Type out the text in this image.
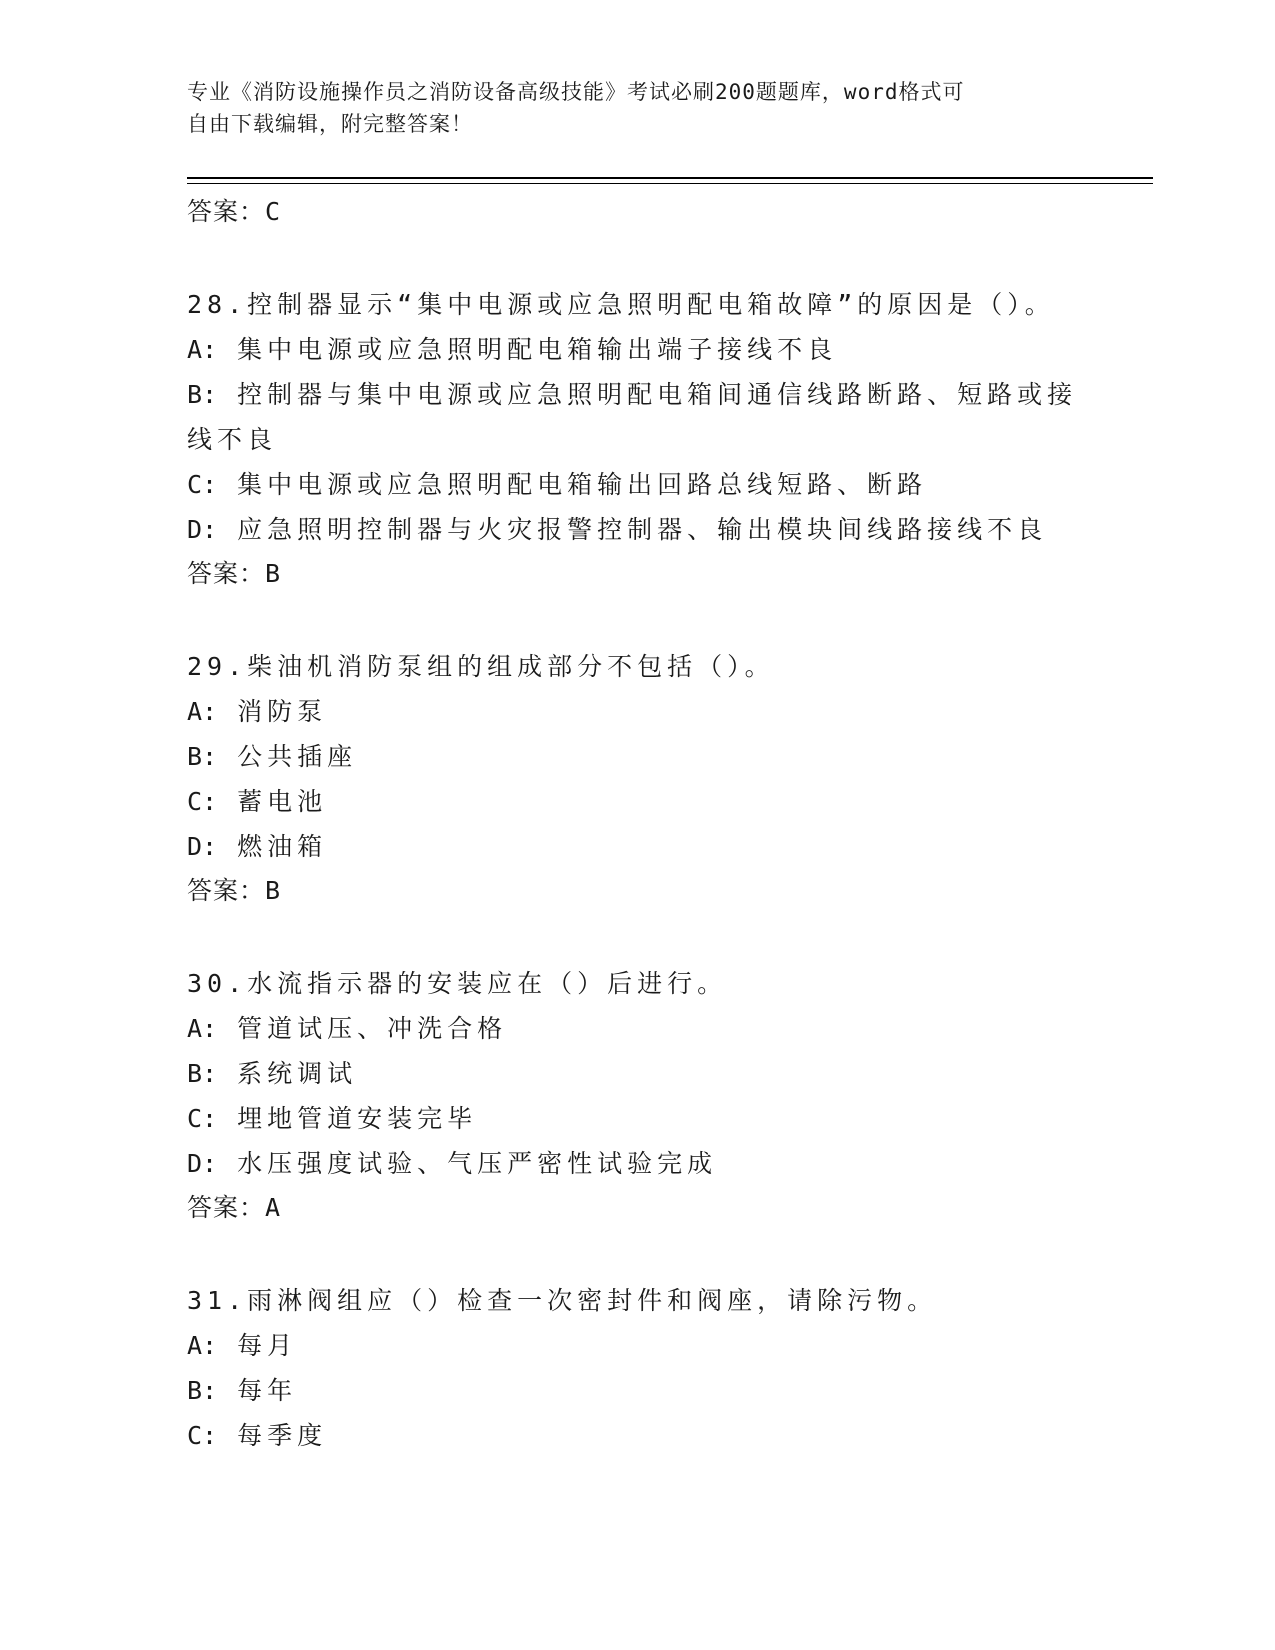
专业《消防设施操作员之消防设备高级技能》考试必刷200题题库，word格式可
自由下载编辑，附完整答案！
答案：C
28.控制器显示“集中电源或应急照明配电箱故障”的原因是（）。
A: 集中电源或应急照明配电箱输出端子接线不良
B: 控制器与集中电源或应急照明配电箱间通信线路断路、短路或接线不良
C: 集中电源或应急照明配电箱输出回路总线短路、断路
D: 应急照明控制器与火灾报警控制器、输出模块间线路接线不良
答案：B
29.柴油机消防泵组的组成部分不包括（）。
A: 消防泵
B: 公共插座
C: 蓄电池
D: 燃油箱
答案：B
30.水流指示器的安装应在（）后进行。
A: 管道试压、冲洗合格
B: 系统调试
C: 埋地管道安装完毕
D: 水压强度试验、气压严密性试验完成
答案：A
31.雨淋阀组应（）检查一次密封件和阀座，请除污物。
A: 每月
B: 每年
C: 每季度
